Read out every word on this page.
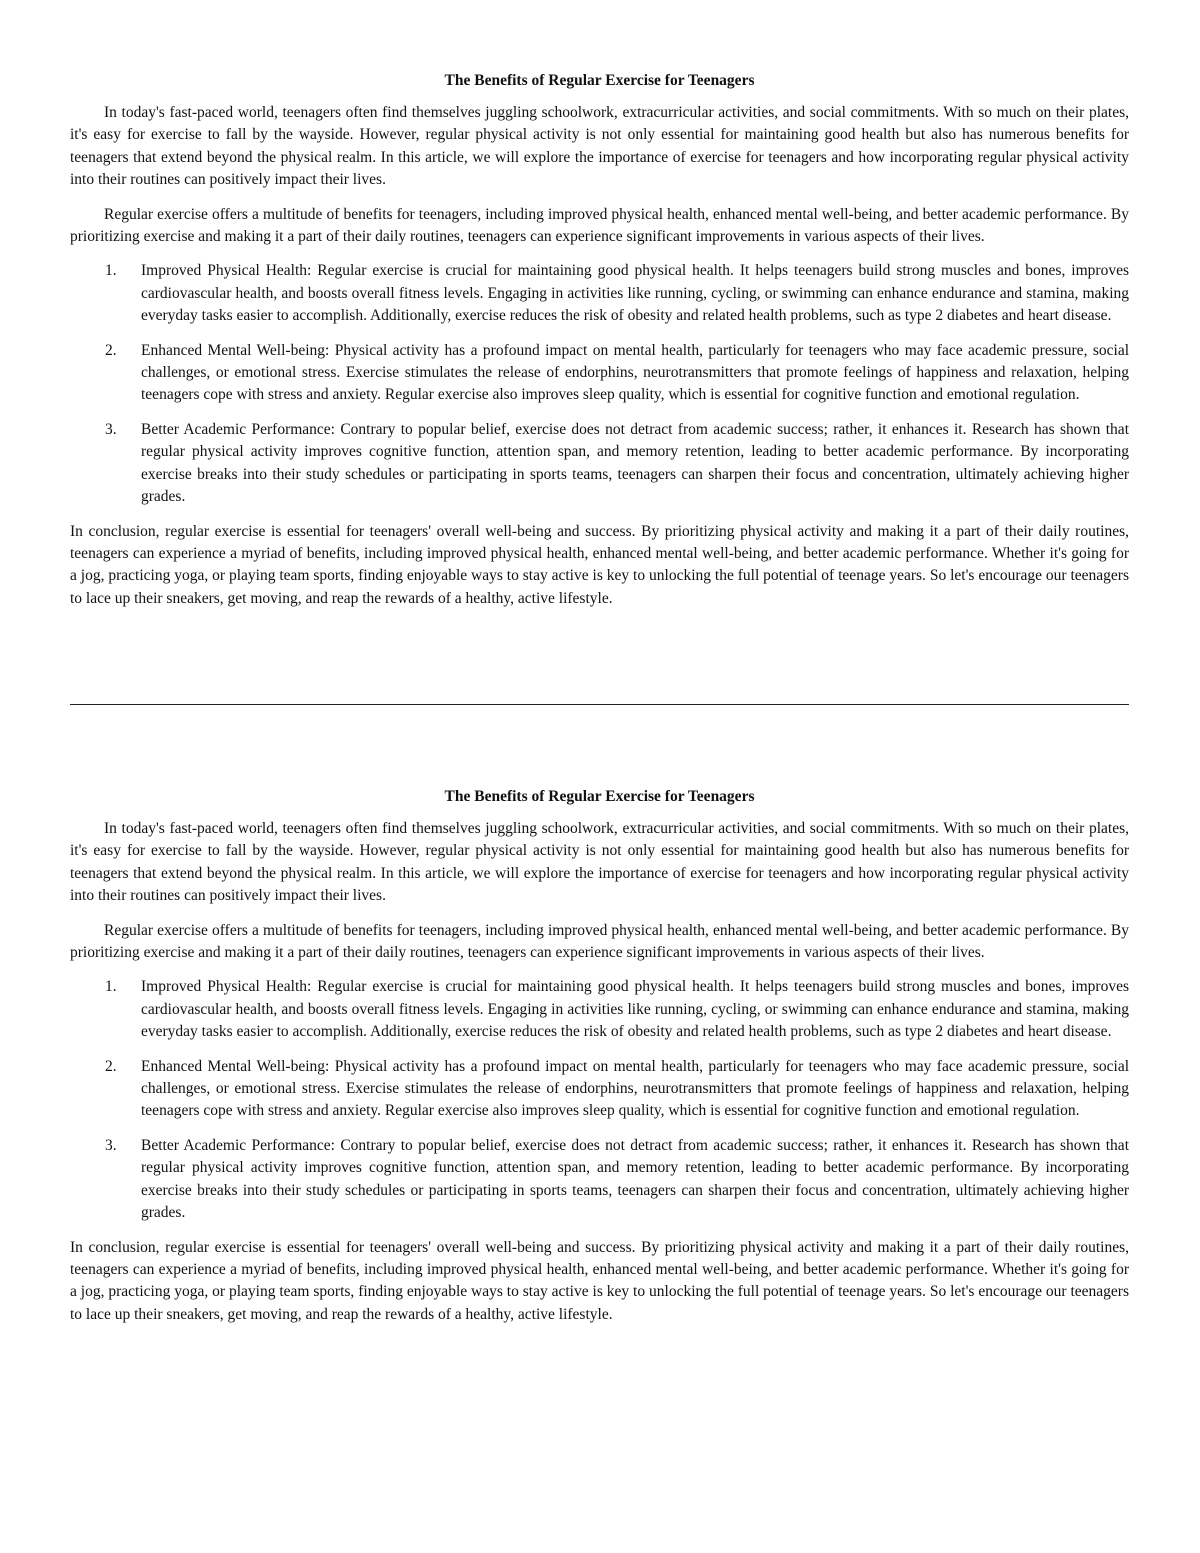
The Benefits of Regular Exercise for Teenagers

In today's fast-paced world, teenagers often find themselves juggling schoolwork, extracurricular activities, and social commitments. With so much on their plates, it's easy for exercise to fall by the wayside. However, regular physical activity is not only essential for maintaining good health but also has numerous benefits for teenagers that extend beyond the physical realm. In this article, we will explore the importance of exercise for teenagers and how incorporating regular physical activity into their routines can positively impact their lives.

Regular exercise offers a multitude of benefits for teenagers, including improved physical health, enhanced mental well-being, and better academic performance. By prioritizing exercise and making it a part of their daily routines, teenagers can experience significant improvements in various aspects of their lives.

1. Improved Physical Health: Regular exercise is crucial for maintaining good physical health. It helps teenagers build strong muscles and bones, improves cardiovascular health, and boosts overall fitness levels. Engaging in activities like running, cycling, or swimming can enhance endurance and stamina, making everyday tasks easier to accomplish. Additionally, exercise reduces the risk of obesity and related health problems, such as type 2 diabetes and heart disease.
2. Enhanced Mental Well-being: Physical activity has a profound impact on mental health, particularly for teenagers who may face academic pressure, social challenges, or emotional stress. Exercise stimulates the release of endorphins, neurotransmitters that promote feelings of happiness and relaxation, helping teenagers cope with stress and anxiety. Regular exercise also improves sleep quality, which is essential for cognitive function and emotional regulation.
3. Better Academic Performance: Contrary to popular belief, exercise does not detract from academic success; rather, it enhances it. Research has shown that regular physical activity improves cognitive function, attention span, and memory retention, leading to better academic performance. By incorporating exercise breaks into their study schedules or participating in sports teams, teenagers can sharpen their focus and concentration, ultimately achieving higher grades.

In conclusion, regular exercise is essential for teenagers' overall well-being and success. By prioritizing physical activity and making it a part of their daily routines, teenagers can experience a myriad of benefits, including improved physical health, enhanced mental well-being, and better academic performance. Whether it's going for a jog, practicing yoga, or playing team sports, finding enjoyable ways to stay active is key to unlocking the full potential of teenage years. So let's encourage our teenagers to lace up their sneakers, get moving, and reap the rewards of a healthy, active lifestyle.

The Benefits of Regular Exercise for Teenagers

In today's fast-paced world, teenagers often find themselves juggling schoolwork, extracurricular activities, and social commitments. With so much on their plates, it's easy for exercise to fall by the wayside. However, regular physical activity is not only essential for maintaining good health but also has numerous benefits for teenagers that extend beyond the physical realm. In this article, we will explore the importance of exercise for teenagers and how incorporating regular physical activity into their routines can positively impact their lives.

Regular exercise offers a multitude of benefits for teenagers, including improved physical health, enhanced mental well-being, and better academic performance. By prioritizing exercise and making it a part of their daily routines, teenagers can experience significant improvements in various aspects of their lives.

1. Improved Physical Health: Regular exercise is crucial for maintaining good physical health. It helps teenagers build strong muscles and bones, improves cardiovascular health, and boosts overall fitness levels. Engaging in activities like running, cycling, or swimming can enhance endurance and stamina, making everyday tasks easier to accomplish. Additionally, exercise reduces the risk of obesity and related health problems, such as type 2 diabetes and heart disease.
2. Enhanced Mental Well-being: Physical activity has a profound impact on mental health, particularly for teenagers who may face academic pressure, social challenges, or emotional stress. Exercise stimulates the release of endorphins, neurotransmitters that promote feelings of happiness and relaxation, helping teenagers cope with stress and anxiety. Regular exercise also improves sleep quality, which is essential for cognitive function and emotional regulation.
3. Better Academic Performance: Contrary to popular belief, exercise does not detract from academic success; rather, it enhances it. Research has shown that regular physical activity improves cognitive function, attention span, and memory retention, leading to better academic performance. By incorporating exercise breaks into their study schedules or participating in sports teams, teenagers can sharpen their focus and concentration, ultimately achieving higher grades.

In conclusion, regular exercise is essential for teenagers' overall well-being and success. By prioritizing physical activity and making it a part of their daily routines, teenagers can experience a myriad of benefits, including improved physical health, enhanced mental well-being, and better academic performance. Whether it's going for a jog, practicing yoga, or playing team sports, finding enjoyable ways to stay active is key to unlocking the full potential of teenage years. So let's encourage our teenagers to lace up their sneakers, get moving, and reap the rewards of a healthy, active lifestyle.
